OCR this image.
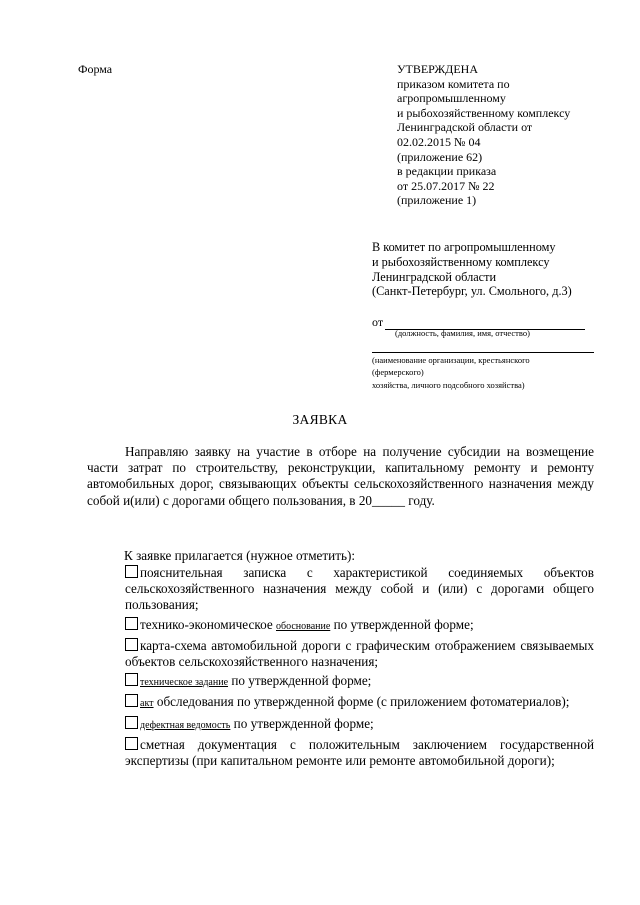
Форма	УТВЕРЖДЕНА
приказом комитета по
агропромышленному
и рыбохозяйственному комплексу
Ленинградской области от
02.02.2015 № 04
(приложение 62)
в редакции приказа
от 25.07.2017 № 22
(приложение 1)
В комитет по агропромышленному
и рыбохозяйственному комплексу
Ленинградской области
(Санкт-Петербург, ул. Смольного, д.3)
от
(должность, фамилия, имя, отчество)
(наименование организации, крестьянского
(фермерского)
хозяйства, личного подсобного хозяйства)
ЗАЯВКА
Направляю заявку на участие в отборе на получение субсидии на возмещение части затрат по строительству, реконструкции, капитальному ремонту и ремонту автомобильных дорог, связывающих объекты сельскохозяйственного назначения между собой и(или) с дорогами общего пользования, в 20_____ году.
К заявке прилагается (нужное отметить):
пояснительная записка с характеристикой соединяемых объектов сельскохозяйственного назначения между собой и (или) с дорогами общего пользования;
технико-экономическое обоснование по утвержденной форме;
карта-схема автомобильной дороги с графическим отображением связываемых объектов сельскохозяйственного назначения;
техническое задание по утвержденной форме;
акт обследования по утвержденной форме (с приложением фотоматериалов);
дефектная ведомость по утвержденной форме;
сметная документация с положительным заключением государственной экспертизы (при капитальном ремонте или ремонте автомобильной дороги);
